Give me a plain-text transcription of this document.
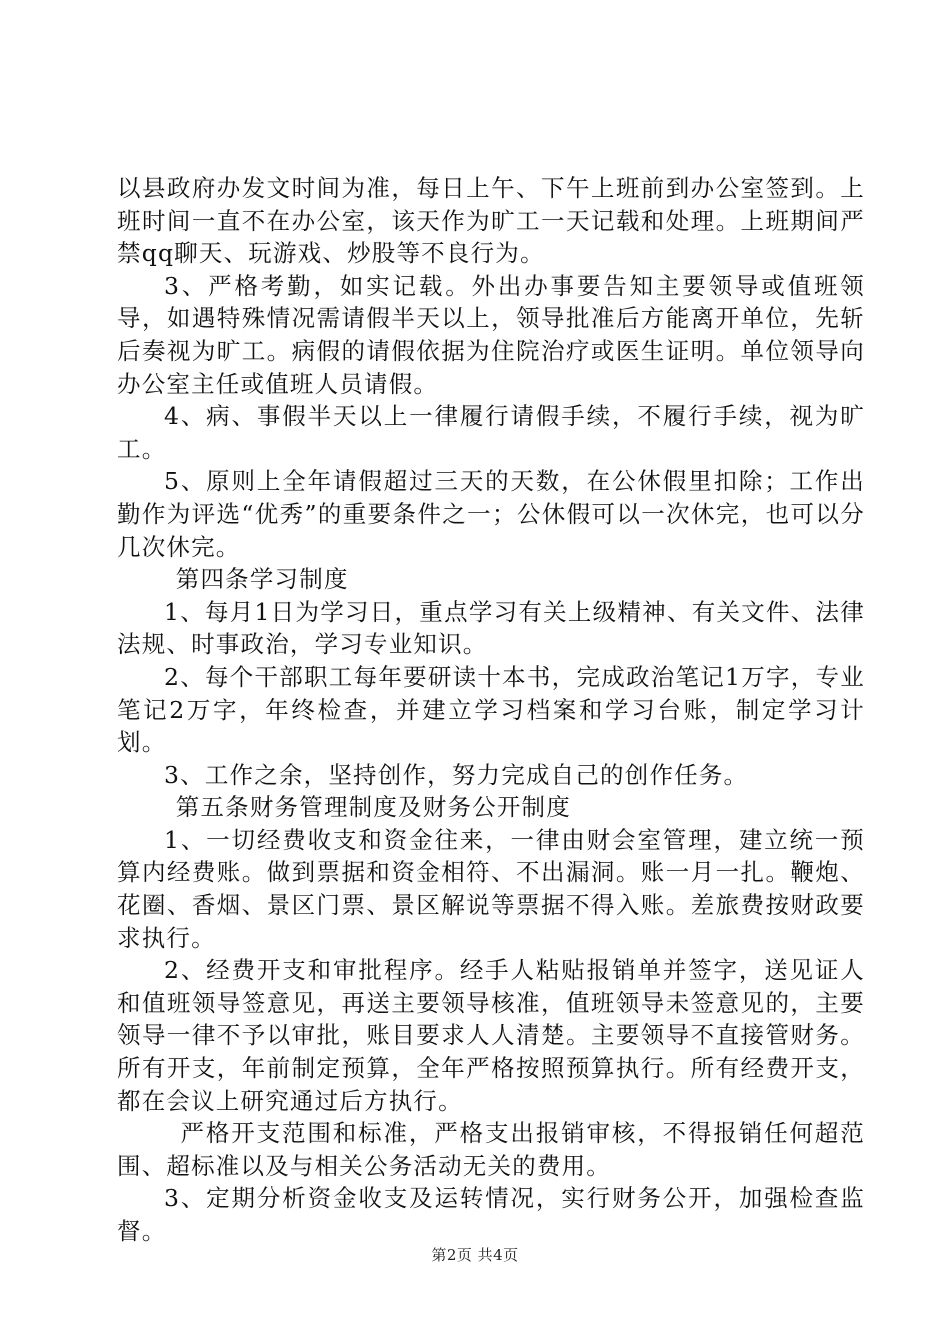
以县政府办发文时间为准，每日上午、下午上班前到办公室签到。上班时间一直不在办公室，该天作为旷工一天记载和处理。上班期间严禁qq聊天、玩游戏、炒股等不良行为。

3、严格考勤，如实记载。外出办事要告知主要领导或值班领导，如遇特殊情况需请假半天以上，领导批准后方能离开单位，先斩后奏视为旷工。病假的请假依据为住院治疗或医生证明。单位领导向办公室主任或值班人员请假。

4、病、事假半天以上一律履行请假手续，不履行手续，视为旷工。

5、原则上全年请假超过三天的天数，在公休假里扣除；工作出勤作为评选“优秀”的重要条件之一；公休假可以一次休完，也可以分几次休完。

第四条学习制度

1、每月1日为学习日，重点学习有关上级精神、有关文件、法律法规、时事政治，学习专业知识。

2、每个干部职工每年要研读十本书，完成政治笔记1万字，专业笔记2万字，年终检查，并建立学习档案和学习台账，制定学习计划。

3、工作之余，坚持创作，努力完成自己的创作任务。

第五条财务管理制度及财务公开制度

1、一切经费收支和资金往来，一律由财会室管理，建立统一预算内经费账。做到票据和资金相符、不出漏洞。账一月一扎。鞭炮、花圈、香烟、景区门票、景区解说等票据不得入账。差旅费按财政要求执行。

2、经费开支和审批程序。经手人粘贴报销单并签字，送见证人和值班领导签意见，再送主要领导核准，值班领导未签意见的，主要领导一律不予以审批，账目要求人人清楚。主要领导不直接管财务。所有开支，年前制定预算，全年严格按照预算执行。所有经费开支，都在会议上研究通过后方执行。

严格开支范围和标准，严格支出报销审核，不得报销任何超范围、超标准以及与相关公务活动无关的费用。

3、定期分析资金收支及运转情况，实行财务公开，加强检查监督。

第2页 共4页
